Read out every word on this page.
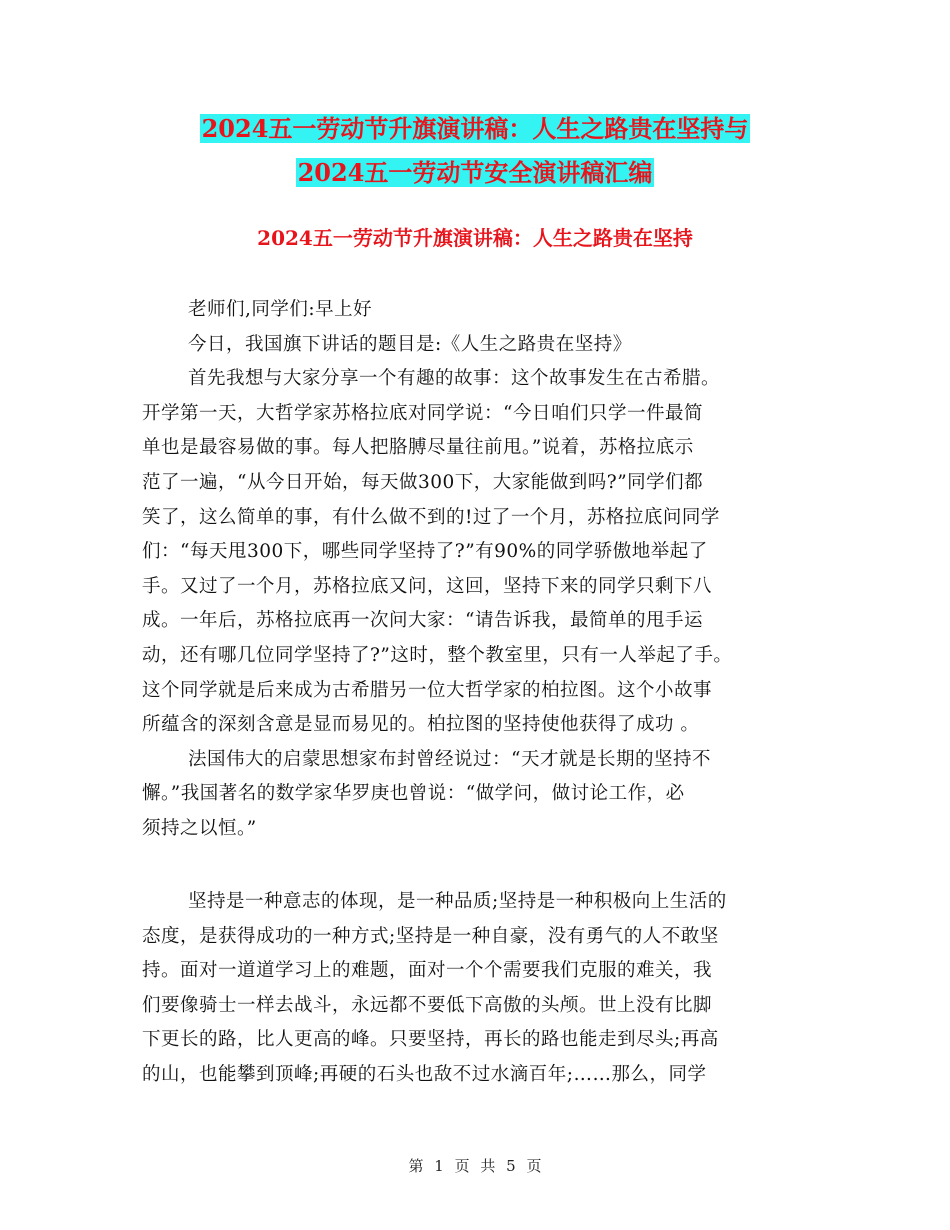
2024五一劳动节升旗演讲稿：人生之路贵在坚持与
2024五一劳动节安全演讲稿汇编
2024五一劳动节升旗演讲稿：人生之路贵在坚持
老师们,同学们:早上好
今日，我国旗下讲话的题目是:《人生之路贵在坚持》
首先我想与大家分享一个有趣的故事：这个故事发生在古希腊。
开学第一天，大哲学家苏格拉底对同学说：“今日咱们只学一件最简
单也是最容易做的事。每人把胳膊尽量往前甩。”说着，苏格拉底示
范了一遍，“从今日开始，每天做300下，大家能做到吗?”同学们都
笑了，这么简单的事，有什么做不到的!过了一个月，苏格拉底问同学
们：“每天甩300下，哪些同学坚持了?”有90%的同学骄傲地举起了
手。又过了一个月，苏格拉底又问，这回，坚持下来的同学只剩下八
成。一年后，苏格拉底再一次问大家：“请告诉我，最简单的甩手运
动，还有哪几位同学坚持了?”这时，整个教室里，只有一人举起了手。
这个同学就是后来成为古希腊另一位大哲学家的柏拉图。这个小故事
所蕴含的深刻含意是显而易见的。柏拉图的坚持使他获得了成功 。
法国伟大的启蒙思想家布封曾经说过：“天才就是长期的坚持不
懈。”我国著名的数学家华罗庚也曾说：“做学问，做讨论工作，必
须持之以恒。”
坚持是一种意志的体现，是一种品质;坚持是一种积极向上生活的
态度，是获得成功的一种方式;坚持是一种自豪，没有勇气的人不敢坚
持。面对一道道学习上的难题，面对一个个需要我们克服的难关，我
们要像骑士一样去战斗，永远都不要低下高傲的头颅。世上没有比脚
下更长的路，比人更高的峰。只要坚持，再长的路也能走到尽头;再高
的山，也能攀到顶峰;再硬的石头也敌不过水滴百年;……那么，同学
第 1 页 共 5 页
